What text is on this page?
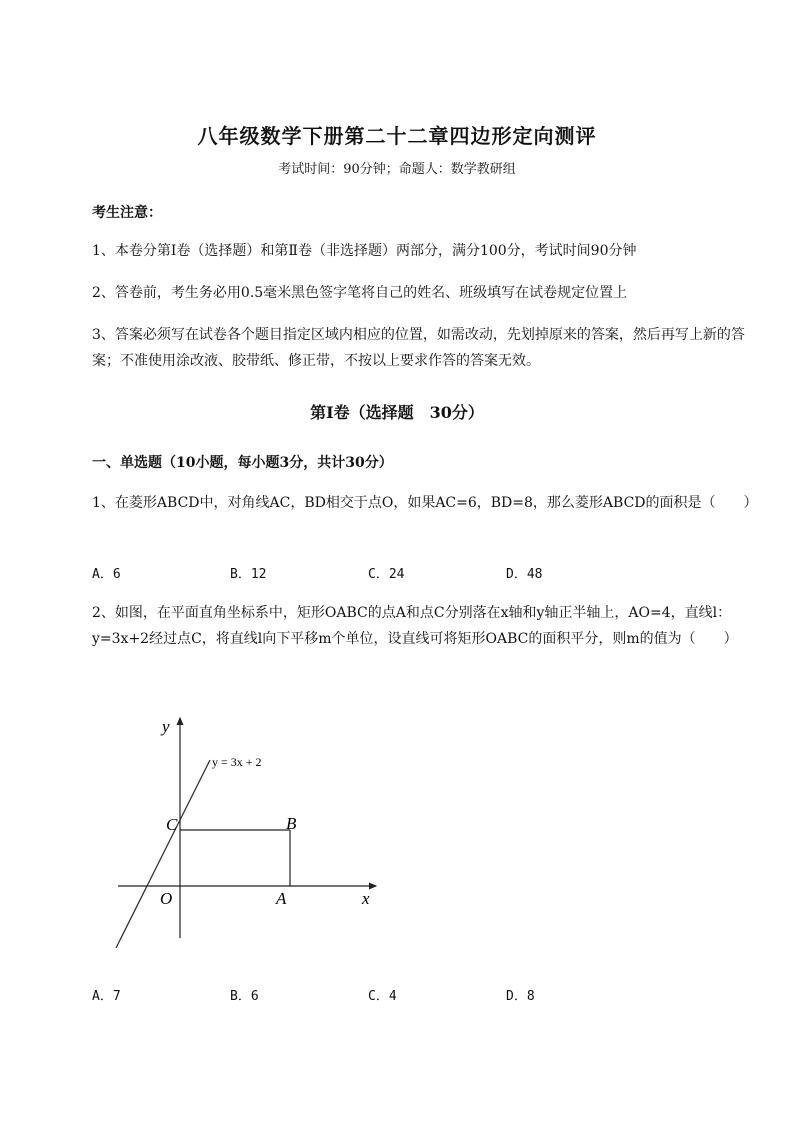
八年级数学下册第二十二章四边形定向测评
考试时间：90分钟；命题人：数学教研组
考生注意：
1、本卷分第I卷（选择题）和第Ⅱ卷（非选择题）两部分，满分100分，考试时间90分钟
2、答卷前，考生务必用0.5毫米黑色签字笔将自己的姓名、班级填写在试卷规定位置上
3、答案必须写在试卷各个题目指定区域内相应的位置，如需改动，先划掉原来的答案，然后再写上新的答案；不准使用涂改液、胶带纸、修正带，不按以上要求作答的答案无效。
第I卷（选择题　30分）
一、单选题（10小题，每小题3分，共计30分）
1、在菱形ABCD中，对角线AC，BD相交于点O，如果AC=6，BD=8，那么菱形ABCD的面积是（　　）
A．6	B．12	C．24	D．48
2、如图，在平面直角坐标系中，矩形OABC的点A和点C分别落在x轴和y轴正半轴上，AO=4，直线l：y=3x+2经过点C，将直线l向下平移m个单位，设直线可将矩形OABC的面积平分，则m的值为（　　）
y
x
O	A
B
C
y = 3x + 2
A．7	B．6	C．4	D．8
